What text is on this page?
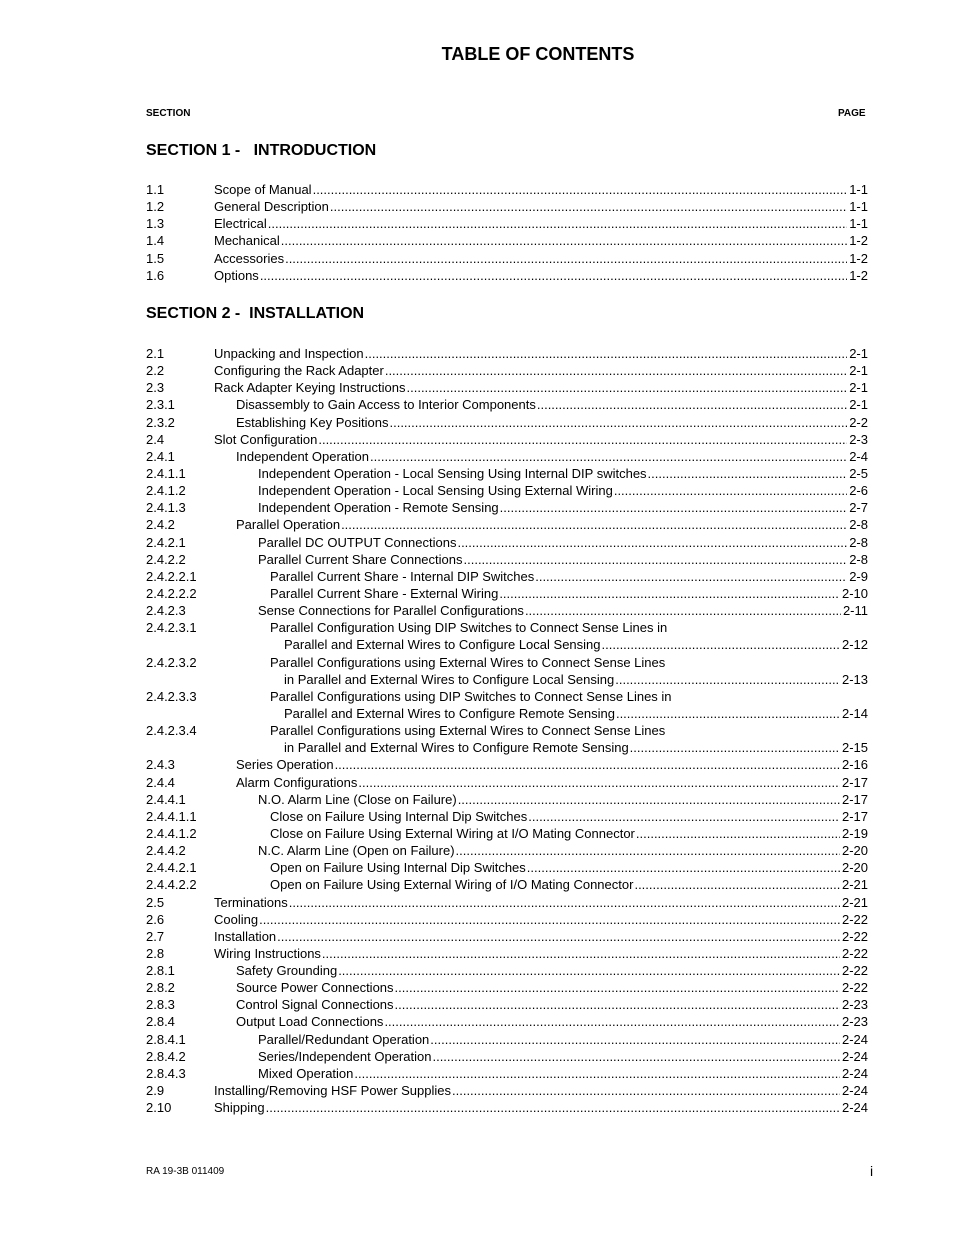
TABLE OF CONTENTS
SECTION	PAGE
SECTION 1 -   INTRODUCTION
1.1	Scope of Manual .....	1-1
1.2	General Description .....	1-1
1.3	Electrical .....	1-1
1.4	Mechanical .....	1-2
1.5	Accessories .....	1-2
1.6	Options .....	1-2
SECTION 2 -  INSTALLATION
2.1	Unpacking and Inspection .....	2-1
2.2	Configuring the Rack Adapter .....	2-1
2.3	Rack Adapter Keying Instructions .....	2-1
2.3.1	Disassembly to Gain Access to Interior Components .....	2-1
2.3.2	Establishing Key Positions .....	2-2
2.4	Slot Configuration .....	2-3
2.4.1	Independent Operation .....	2-4
2.4.1.1	Independent Operation - Local Sensing Using Internal DIP switches .....	2-5
2.4.1.2	Independent Operation - Local Sensing Using External Wiring .....	2-6
2.4.1.3	Independent Operation - Remote Sensing .....	2-7
2.4.2	Parallel Operation .....	2-8
2.4.2.1	Parallel DC OUTPUT Connections .....	2-8
2.4.2.2	Parallel Current Share Connections .....	2-8
2.4.2.2.1	Parallel Current Share - Internal DIP Switches .....	2-9
2.4.2.2.2	Parallel Current Share - External Wiring .....	2-10
2.4.2.3	Sense Connections for Parallel Configurations .....	2-11
2.4.2.3.1	Parallel Configuration Using DIP Switches to Connect Sense Lines in
Parallel and External Wires to Configure Local Sensing .....	2-12
2.4.2.3.2	Parallel Configurations using External Wires to Connect Sense Lines
in Parallel and External Wires to Configure Local Sensing .....	2-13
2.4.2.3.3	Parallel Configurations using DIP Switches to Connect Sense Lines in
Parallel and External Wires to Configure Remote Sensing .....	2-14
2.4.2.3.4	Parallel Configurations using External Wires to Connect Sense Lines
in Parallel and External Wires to Configure Remote Sensing .....	2-15
2.4.3	Series Operation .....	2-16
2.4.4	Alarm Configurations .....	2-17
2.4.4.1	N.O. Alarm Line (Close on Failure) .....	2-17
2.4.4.1.1	Close on Failure Using Internal Dip Switches .....	2-17
2.4.4.1.2	Close on Failure Using External Wiring at I/O Mating Connector .....	2-19
2.4.4.2	N.C. Alarm Line (Open on Failure) .....	2-20
2.4.4.2.1	Open on Failure Using Internal Dip Switches .....	2-20
2.4.4.2.2	Open on Failure Using External Wiring of I/O Mating Connector .....	2-21
2.5	Terminations .....	2-21
2.6	Cooling .....	2-22
2.7	Installation .....	2-22
2.8	Wiring Instructions .....	2-22
2.8.1	Safety Grounding .....	2-22
2.8.2	Source Power Connections .....	2-22
2.8.3	Control Signal Connections .....	2-23
2.8.4	Output Load Connections .....	2-23
2.8.4.1	Parallel/Redundant Operation .....	2-24
2.8.4.2	Series/Independent Operation .....	2-24
2.8.4.3	Mixed Operation .....	2-24
2.9	Installing/Removing HSF Power Supplies .....	2-24
2.10	Shipping .....	2-24
RA 19-3B 011409	i
